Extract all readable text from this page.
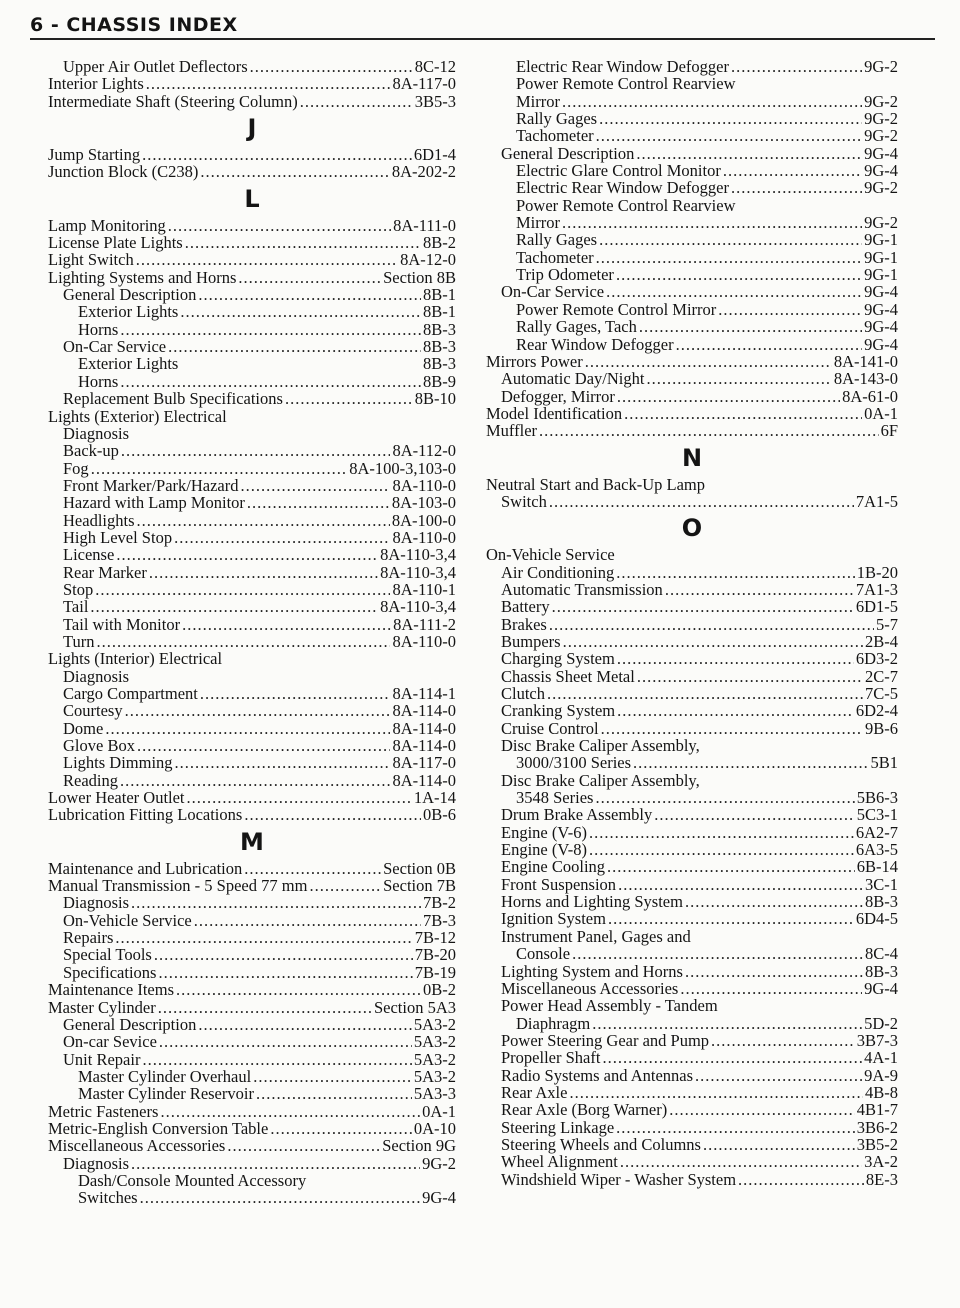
6 - CHASSIS INDEX
Upper Air Outlet Deflectors .....	8C-12
Interior Lights .....	8A-117-0
Intermediate Shaft (Steering Column) .....	3B5-3
J
Jump Starting .....	6D1-4
Junction Block (C238) .....	8A-202-2
L
Lamp Monitoring .....	8A-111-0
License Plate Lights .....	8B-2
Light Switch .....	8A-12-0
Lighting Systems and Horns .....	Section 8B
General Description .....	8B-1
Exterior Lights .....	8B-1
Horns .....	8B-3
On-Car Service .....	8B-3
Exterior Lights	8B-3
Horns .....	8B-9
Replacement Bulb Specifications .....	8B-10
Lights (Exterior) Electrical
Diagnosis
Back-up .....	8A-112-0
Fog .....	8A-100-3,103-0
Front Marker/Park/Hazard .....	8A-110-0
Hazard with Lamp Monitor .....	8A-103-0
Headlights .....	8A-100-0
High Level Stop .....	8A-110-0
License .....	8A-110-3,4
Rear Marker .....	8A-110-3,4
Stop .....	8A-110-1
Tail .....	8A-110-3,4
Tail with Monitor .....	8A-111-2
Turn .....	8A-110-0
Lights (Interior) Electrical
Diagnosis
Cargo Compartment .....	8A-114-1
Courtesy .....	8A-114-0
Dome .....	8A-114-0
Glove Box .....	8A-114-0
Lights Dimming .....	8A-117-0
Reading .....	8A-114-0
Lower Heater Outlet .....	1A-14
Lubrication Fitting Locations .....	0B-6
M
Maintenance and Lubrication .....	Section 0B
Manual Transmission - 5 Speed 77 mm .....	Section 7B
Diagnosis .....	7B-2
On-Vehicle Service .....	7B-3
Repairs .....	7B-12
Special Tools .....	7B-20
Specifications .....	7B-19
Maintenance Items .....	0B-2
Master Cylinder .....	Section 5A3
General Description .....	5A3-2
On-car Sevice .....	5A3-2
Unit Repair .....	5A3-2
Master Cylinder Overhaul .....	5A3-2
Master Cylinder Reservoir .....	5A3-3
Metric Fasteners .....	0A-1
Metric-English Conversion Table .....	0A-10
Miscellaneous Accessories .....	Section 9G
Diagnosis .....	9G-2
Dash/Console Mounted Accessory
Switches .....	9G-4
Electric Rear Window Defogger .....	9G-2
Power Remote Control Rearview
Mirror .....	9G-2
Rally Gages .....	9G-2
Tachometer .....	9G-2
General Description .....	9G-4
Electric Glare Control Monitor .....	9G-4
Electric Rear Window Defogger .....	9G-2
Power Remote Control Rearview
Mirror .....	9G-2
Rally Gages .....	9G-1
Tachometer .....	9G-1
Trip Odometer .....	9G-1
On-Car Service .....	9G-4
Power Remote Control Mirror .....	9G-4
Rally Gages, Tach .....	9G-4
Rear Window Defogger .....	9G-4
Mirrors Power .....	8A-141-0
Automatic Day/Night .....	8A-143-0
Defogger, Mirror .....	8A-61-0
Model Identification .....	0A-1
Muffler .....	6F
N
Neutral Start and Back-Up Lamp
Switch .....	7A1-5
O
On-Vehicle Service
Air Conditioning .....	1B-20
Automatic Transmission .....	7A1-3
Battery .....	6D1-5
Brakes .....	5-7
Bumpers .....	2B-4
Charging System .....	6D3-2
Chassis Sheet Metal .....	2C-7
Clutch .....	7C-5
Cranking System .....	6D2-4
Cruise Control .....	9B-6
Disc Brake Caliper Assembly,
3000/3100 Series .....	5B1
Disc Brake Caliper Assembly,
3548 Series .....	5B6-3
Drum Brake Assembly .....	5C3-1
Engine (V-6) .....	6A2-7
Engine (V-8) .....	6A3-5
Engine Cooling .....	6B-14
Front Suspension .....	3C-1
Horns and Lighting System .....	8B-3
Ignition System .....	6D4-5
Instrument Panel, Gages and
Console .....	8C-4
Lighting System and Horns .....	8B-3
Miscellaneous Accessories .....	9G-4
Power Head Assembly - Tandem
Diaphragm .....	5D-2
Power Steering Gear and Pump .....	3B7-3
Propeller Shaft .....	4A-1
Radio Systems and Antennas .....	9A-9
Rear Axle .....	4B-8
Rear Axle (Borg Warner) .....	4B1-7
Steering Linkage .....	3B6-2
Steering Wheels and Columns .....	3B5-2
Wheel Alignment .....	3A-2
Windshield Wiper - Washer System .....	8E-3
